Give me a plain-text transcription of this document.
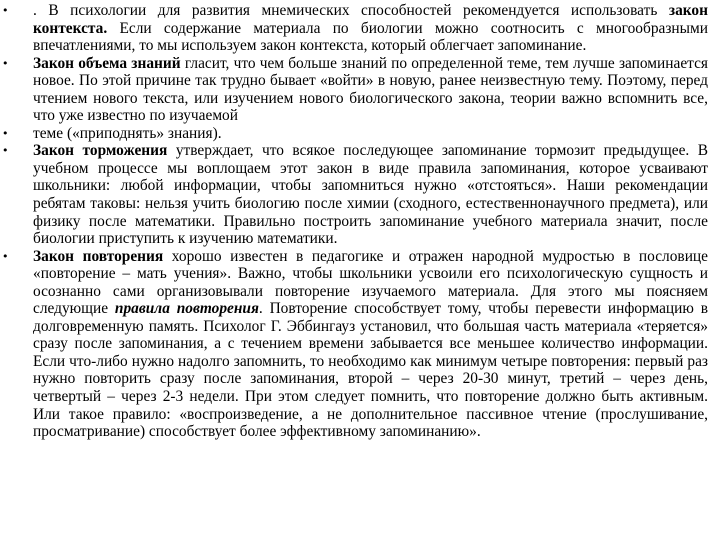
•	. В психологии для развития мнемических способностей рекомендуется использовать закон контекста. Если содержание материала по биологии можно соотносить с многообразными впечатлениями, то мы используем закон контекста, который облегчает запоминание.
•	Закон объема знаний гласит, что чем больше знаний по определенной теме, тем лучше запоминается новое. По этой причине так трудно бывает «войти» в новую, ранее неизвестную тему. Поэтому, перед чтением нового текста, или изучением нового биологического закона, теории важно вспомнить все, что уже известно по изучаемой
•	теме («приподнять» знания).
•	Закон торможения утверждает, что всякое последующее запоминание тормозит предыдущее. В учебном процессе мы воплощаем этот закон в виде правила запоминания, которое усваивают школьники: любой информации, чтобы запомниться нужно «отстояться». Наши рекомендации ребятам таковы: нельзя учить биологию после химии (сходного, естественнонаучного предмета), или физику после математики. Правильно построить запоминание учебного материала значит, после биологии приступить к изучению математики.
•	Закон повторения хорошо известен в педагогике и отражен народной мудростью в пословице «повторение – мать учения». Важно, чтобы школьники усвоили его психологическую сущность и осознанно сами организовывали повторение изучаемого материала. Для этого мы поясняем следующие правила повторения. Повторение способствует тому, чтобы перевести информацию в долговременную память. Психолог Г. Эббингауз установил, что большая часть материала «теряется» сразу после запоминания, а с течением времени забывается все меньшее количество информации. Если что-либо нужно надолго запомнить, то необходимо как минимум четыре повторения: первый раз нужно повторить сразу после запоминания, второй – через 20-30 минут, третий – через день, четвертый – через 2-3 недели. При этом следует помнить, что повторение должно быть активным. Или такое правило: «воспроизведение, а не дополнительное пассивное чтение (прослушивание, просматривание) способствует более эффективному запоминанию».
